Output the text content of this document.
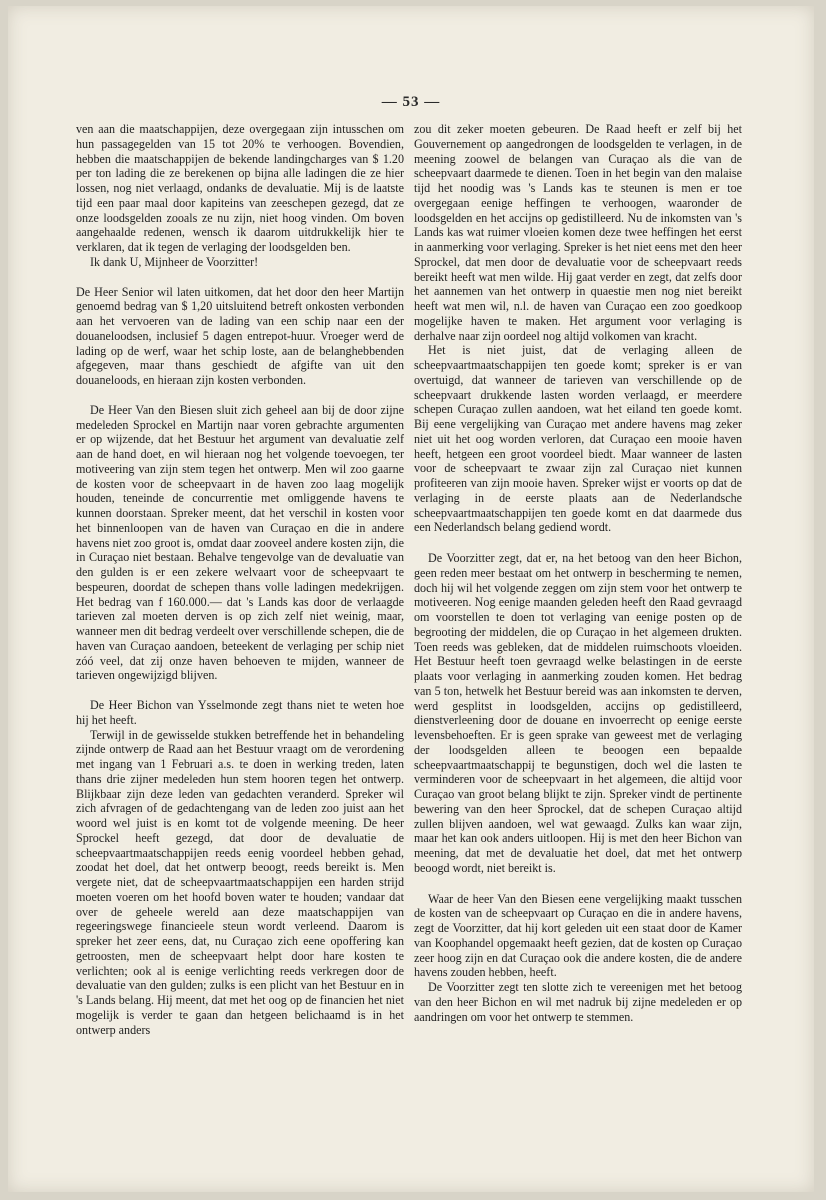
— 53 —

ven aan die maatschappijen, deze overgegaan zijn intusschen om hun passagegelden van 15 tot 20% te verhoogen. Bovendien, hebben die maatschappijen de bekende landingcharges van $ 1.20 per ton lading die ze berekenen op bijna alle ladingen die ze hier lossen, nog niet verlaagd, ondanks de devaluatie. Mij is de laatste tijd een paar maal door kapiteins van zeeschepen gezegd, dat ze onze loodsgelden zooals ze nu zijn, niet hoog vinden. Om boven aangehaalde redenen, wensch ik daarom uitdrukkelijk hier te verklaren, dat ik tegen de verlaging der loodsgelden ben.

Ik dank U, Mijnheer de Voorzitter!

De Heer Senior wil laten uitkomen, dat het door den heer Martijn genoemd bedrag van $ 1,20 uitsluitend betreft onkosten verbonden aan het vervoeren van de lading van een schip naar een der douaneloodsen, inclusief 5 dagen entrepot-huur. Vroeger werd de lading op de werf, waar het schip loste, aan de belanghebbenden afgegeven, maar thans geschiedt de afgifte van uit den douaneloods, en hieraan zijn kosten verbonden.

De Heer Van den Biesen sluit zich geheel aan bij de door zijne medeleden Sprockel en Martijn naar voren gebrachte argumenten er op wijzende, dat het Bestuur het argument van devaluatie zelf aan de hand doet, en wil hieraan nog het volgende toevoegen, ter motiveering van zijn stem tegen het ontwerp. Men wil zoo gaarne de kosten voor de scheepvaart in de haven zoo laag mogelijk houden, teneinde de concurrentie met omliggende havens te kunnen doorstaan. Spreker meent, dat het verschil in kosten voor het binnenloopen van de haven van Curaçao en die in andere havens niet zoo groot is, omdat daar zooveel andere kosten zijn, die in Curaçao niet bestaan. Behalve tengevolge van de devaluatie van den gulden is er een zekere welvaart voor de scheepvaart te bespeuren, doordat de schepen thans volle ladingen medekrijgen. Het bedrag van f 160.000.— dat 's Lands kas door de verlaagde tarieven zal moeten derven is op zich zelf niet weinig, maar, wanneer men dit bedrag verdeelt over verschillende schepen, die de haven van Curaçao aandoen, beteekent de verlaging per schip niet zóó veel, dat zij onze haven behoeven te mijden, wanneer de tarieven ongewijzigd blijven.

De Heer Bichon van Ysselmonde zegt thans niet te weten hoe hij het heeft.

Terwijl in de gewisselde stukken betreffende het in behandeling zijnde ontwerp de Raad aan het Bestuur vraagt om de verordening met ingang van 1 Februari a.s. te doen in werking treden, laten thans drie zijner medeleden hun stem hooren tegen het ontwerp. Blijkbaar zijn deze leden van gedachten veranderd. Spreker wil zich afvragen of de gedachtengang van de leden zoo juist aan het woord wel juist is en komt tot de volgende meening. De heer Sprockel heeft gezegd, dat door de devaluatie de scheepvaartmaatschappijen reeds eenig voordeel hebben gehad, zoodat het doel, dat het ontwerp beoogt, reeds bereikt is. Men vergete niet, dat de scheepvaartmaatschappijen een harden strijd moeten voeren om het hoofd boven water te houden; vandaar dat over de geheele wereld aan deze maatschappijen van regeeringswege financieele steun wordt verleend. Daarom is spreker het zeer eens, dat, nu Curaçao zich eene opoffering kan getroosten, men de scheepvaart helpt door hare kosten te verlichten; ook al is eenige verlichting reeds verkregen door de devaluatie van den gulden; zulks is een plicht van het Bestuur en in 's Lands belang. Hij meent, dat met het oog op de financien het niet mogelijk is verder te gaan dan hetgeen belichaamd is in het ontwerp anders

zou dit zeker moeten gebeuren. De Raad heeft er zelf bij het Gouvernement op aangedrongen de loodsgelden te verlagen, in de meening zoowel de belangen van Curaçao als die van de scheepvaart daarmede te dienen. Toen in het begin van den malaise tijd het noodig was 's Lands kas te steunen is men er toe overgegaan eenige heffingen te verhoogen, waaronder de loodsgelden en het accijns op gedistilleerd. Nu de inkomsten van 's Lands kas wat ruimer vloeien komen deze twee heffingen het eerst in aanmerking voor verlaging. Spreker is het niet eens met den heer Sprockel, dat men door de devaluatie voor de scheepvaart reeds bereikt heeft wat men wilde. Hij gaat verder en zegt, dat zelfs door het aannemen van het ontwerp in quaestie men nog niet bereikt heeft wat men wil, n.l. de haven van Curaçao een zoo goedkoop mogelijke haven te maken. Het argument voor verlaging is derhalve naar zijn oordeel nog altijd volkomen van kracht.

Het is niet juist, dat de verlaging alleen de scheepvaartmaatschappijen ten goede komt; spreker is er van overtuigd, dat wanneer de tarieven van verschillende op de scheepvaart drukkende lasten worden verlaagd, er meerdere schepen Curaçao zullen aandoen, wat het eiland ten goede komt. Bij eene vergelijking van Curaçao met andere havens mag zeker niet uit het oog worden verloren, dat Curaçao een mooie haven heeft, hetgeen een groot voordeel biedt. Maar wanneer de lasten voor de scheepvaart te zwaar zijn zal Curaçao niet kunnen profiteeren van zijn mooie haven. Spreker wijst er voorts op dat de verlaging in de eerste plaats aan de Nederlandsche scheepvaartmaatschappijen ten goede komt en dat daarmede dus een Nederlandsch belang gediend wordt.

De Voorzitter zegt, dat er, na het betoog van den heer Bichon, geen reden meer bestaat om het ontwerp in bescherming te nemen, doch hij wil het volgende zeggen om zijn stem voor het ontwerp te motiveeren. Nog eenige maanden geleden heeft den Raad gevraagd om voorstellen te doen tot verlaging van eenige posten op de begrooting der middelen, die op Curaçao in het algemeen drukten. Toen reeds was gebleken, dat de middelen ruimschoots vloeiden. Het Bestuur heeft toen gevraagd welke belastingen in de eerste plaats voor verlaging in aanmerking zouden komen. Het bedrag van 5 ton, hetwelk het Bestuur bereid was aan inkomsten te derven, werd gesplitst in loodsgelden, accijns op gedistilleerd, dienstverleening door de douane en invoerrecht op eenige eerste levensbehoeften. Er is geen sprake van geweest met de verlaging der loodsgelden alleen te beoogen een bepaalde scheepvaartmaatschappij te begunstigen, doch wel die lasten te verminderen voor de scheepvaart in het algemeen, die altijd voor Curaçao van groot belang blijkt te zijn. Spreker vindt de pertinente bewering van den heer Sprockel, dat de schepen Curaçao altijd zullen blijven aandoen, wel wat gewaagd. Zulks kan waar zijn, maar het kan ook anders uitloopen. Hij is met den heer Bichon van meening, dat met de devaluatie het doel, dat met het ontwerp beoogd wordt, niet bereikt is.

Waar de heer Van den Biesen eene vergelijking maakt tusschen de kosten van de scheepvaart op Curaçao en die in andere havens, zegt de Voorzitter, dat hij kort geleden uit een staat door de Kamer van Koophandel opgemaakt heeft gezien, dat de kosten op Curaçao zeer hoog zijn en dat Curaçao ook die andere kosten, die de andere havens zouden hebben, heeft.

De Voorzitter zegt ten slotte zich te vereenigen met het betoog van den heer Bichon en wil met nadruk bij zijne medeleden er op aandringen om voor het ontwerp te stemmen.
